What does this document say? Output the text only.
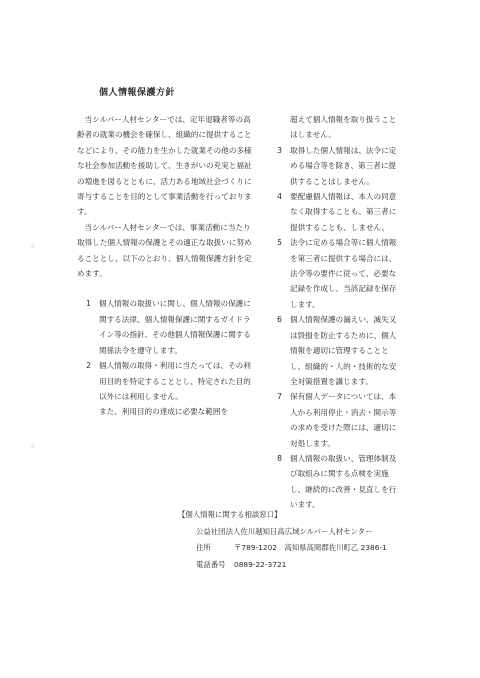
個人情報保護方針

当シルバー人材センターでは、定年退職者等の高齢者の就業の機会を確保し、組織的に提供することなどにより、その能力を生かした就業その他の多様な社会参加活動を援助して、生きがいの充実と福祉の増進を図るとともに、活力ある地域社会づくりに寄与することを目的として事業活動を行っております。

当シルバー人材センターでは、事業活動に当たり取得した個人情報の保護とその適正な取扱いに努めることとし、以下のとおり、個人情報保護方針を定めます。

1 個人情報の取扱いに関し、個人情報の保護に関する法律、個人情報保護に関するガイドライン等の指針、その他個人情報保護に関する関係法令を遵守します。
2 個人情報の取得・利用に当たっては、その利用目的を特定することとし、特定された目的以外には利用しません。

また、利用目的の達成に必要な範囲を

超えて個人情報を取り扱うことはしません。

3 取得した個人情報は、法令に定める場合等を除き、第三者に提供することはしません。
4 要配慮個人情報は、本人の同意なく取得することも、第三者に提供することも、しません。
5 法令に定める場合等に個人情報を第三者に提供する場合には、法令等の要件に従って、必要な記録を作成し、当該記録を保存します。
6 個人情報保護の漏えい、滅失又は毀損を防止するために、個人情報を適切に管理することとし、組織的・人的・技術的な安全対策措置を講じます。
7 保有個人データについては、本人から利用停止・消去・開示等の求めを受けた際には、適切に対処します。
8 個人情報の取扱い、管理体制及び取組みに関する点検を実施し、継続的に改善・見直しを行います。
【個人情報に関する相談窓口】
公益社団法人佐川越知日高広域シルバー人材センター
住所	〒789-1202　高知県高岡郡佐川町乙 2386-1
電話番号	0889-22-3721
